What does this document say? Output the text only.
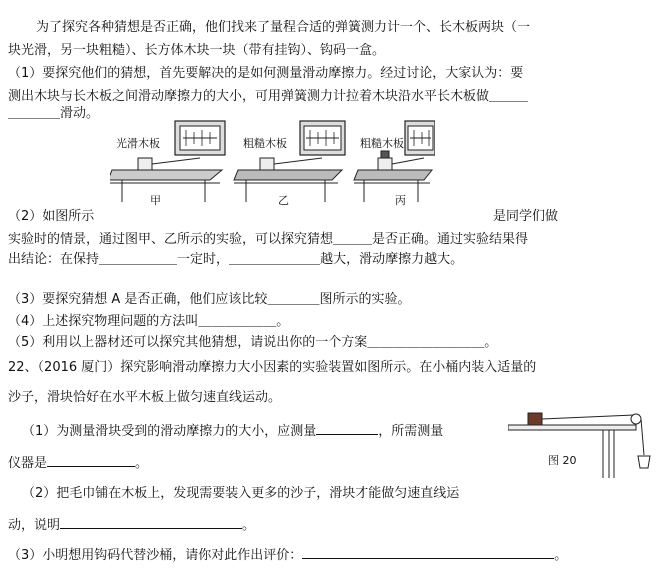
为了探究各种猜想是否正确，他们找来了量程合适的弹簧测力计一个、长木板两块（一
块光滑，另一块粗糙）、长方体木块一块（带有挂钩）、钩码一盒。
（1）要探究他们的猜想，首先要解决的是如何测量滑动摩擦力。经过讨论，大家认为：要
测出木块与长木板之间滑动摩擦力的大小，可用弹簧测力计拉着木块沿水平长木板做＿＿＿
＿＿＿＿滑动。
光滑木板	粗糙木板	粗糙木板
甲	乙	丙
（2）如图所示	是同学们做
实验时的情景，通过图甲、乙所示的实验，可以探究猜想＿＿＿是否正确。通过实验结果得
出结论：在保持＿＿＿＿＿＿一定时，＿＿＿＿＿＿＿越大，滑动摩擦力越大。
（3）要探究猜想 A 是否正确，他们应该比较＿＿＿＿图所示的实验。
（4）上述探究物理问题的方法叫＿＿＿＿＿＿。
（5）利用以上器材还可以探究其他猜想，请说出你的一个方案＿＿＿＿＿＿＿＿＿。
22、（2016 厦门）探究影响滑动摩擦力大小因素的实验装置如图所示。在小桶内装入适量的
沙子，滑块恰好在水平木板上做匀速直线运动。
（1）为测量滑块受到的滑动摩擦力的大小，应测量	，所需测量
仪器是	。
（2）把毛巾铺在木板上，发现需要装入更多的沙子，滑块才能做匀速直线运
动，说明	。
（3）小明想用钩码代替沙桶，请你对此作出评价：	。
图 20
